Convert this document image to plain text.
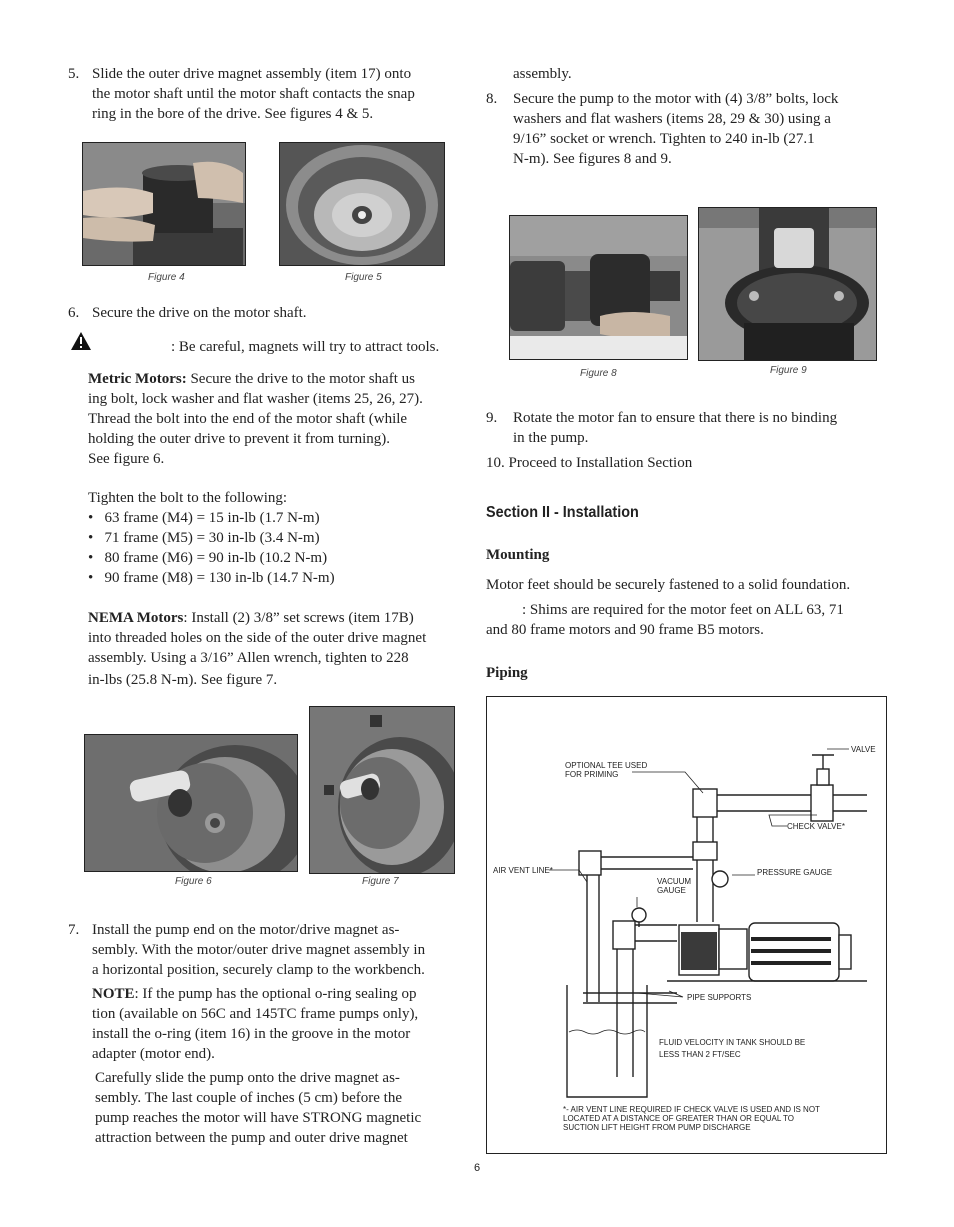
5. Slide the outer drive magnet assembly (item 17) onto
the motor shaft until the motor shaft contacts the snap
ring in the bore of the drive. See figures 4 & 5.
Figure 4	Figure 5
6. Secure the drive on the motor shaft.
: Be careful, magnets will try to attract tools.
Metric Motors: Secure the drive to the motor shaft us
ing bolt, lock washer and flat washer (items 25, 26, 27).
Thread the bolt into the end of the motor shaft (while
holding the outer drive to prevent it from turning).
See figure 6.
Tighten the bolt to the following:
•   63 frame (M4) = 15 in-lb (1.7 N-m)
•   71 frame (M5) = 30 in-lb (3.4 N-m)
•   80 frame (M6) = 90 in-lb (10.2 N-m)
•   90 frame (M8) = 130 in-lb (14.7 N-m)
NEMA Motors: Install (2) 3/8” set screws (item 17B)
into threaded holes on the side of the outer drive magnet
assembly. Using a 3/16” Allen wrench, tighten to 228
in-lbs (25.8 N-m). See figure 7.
Figure 6	Figure 7
7. Install the pump end on the motor/drive magnet as-
sembly. With the motor/outer drive magnet assembly in
a horizontal position, securely clamp to the workbench.
NOTE: If the pump has the optional o-ring sealing op
tion (available on 56C and 145TC frame pumps only),
install the o-ring (item 16) in the groove in the motor
adapter (motor end).
Carefully slide the pump onto the drive magnet as-
sembly. The last couple of inches (5 cm) before the
pump reaches the motor will have STRONG magnetic
attraction between the pump and outer drive magnet
assembly.
8. Secure the pump to the motor with (4) 3/8” bolts, lock
washers and flat washers (items 28, 29 & 30) using a
9/16” socket or wrench. Tighten to 240 in-lb (27.1
N-m). See figures 8 and 9.
Figure 8	Figure 9
9. Rotate the motor fan to ensure that there is no binding
in the pump.
10. Proceed to Installation Section
Section II - Installation
Mounting
Motor feet should be securely fastened to a solid foundation.
: Shims are required for the motor feet on ALL 63, 71
and 80 frame motors and 90 frame B5 motors.
Piping
OPTIONAL TEE USED
FOR PRIMING
VALVE
CHECK VALVE*
AIR VENT LINE*	PRESSURE GAUGE
VACUUM
GAUGE
PIPE SUPPORTS
FLUID VELOCITY IN TANK SHOULD BE
LESS THAN 2 FT/SEC
*- AIR VENT LINE REQUIRED IF CHECK VALVE IS USED AND IS NOT
LOCATED AT A DISTANCE OF GREATER THAN OR EQUAL TO
SUCTION LIFT HEIGHT FROM PUMP DISCHARGE
6
